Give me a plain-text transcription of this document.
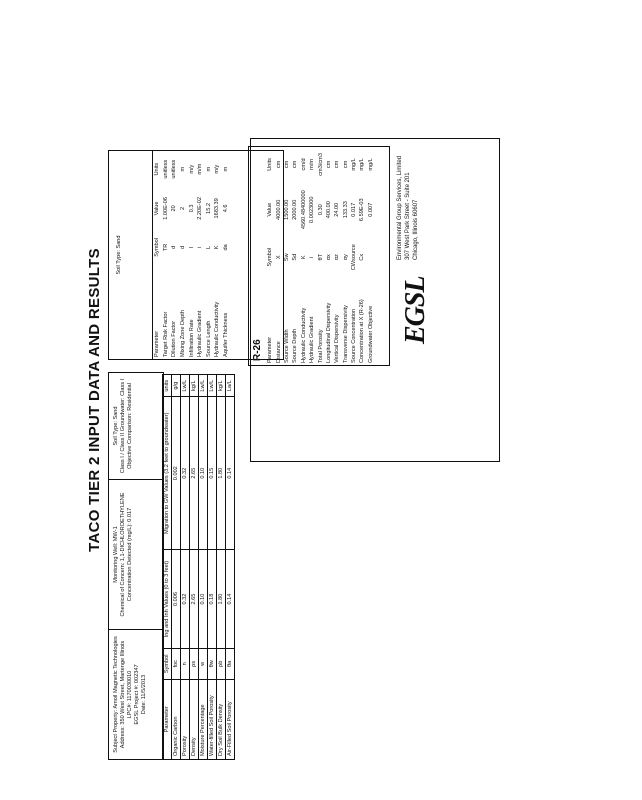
TACO TIER 2 INPUT DATA AND RESULTS
Subject Property: Amoil Magnetic Technologies Address: 350 West Street, Martenge Illinois LPC#: 1170030010 EGSL Project #: 002347 Date: 11/5/2013
Monitoring Well: MW-1 Chemical of Concern: 1,1-DICHLOROETHYLENE Concentration Detected (mg/L): 0.017
Soil Type: Sand Class I / Class II Groundwater: Class I Objective Comparison: Residential
Parameter	Symbol	Ing and Inh Values (0 to 3 feet)	Migration to GW Values (3.2 feet to groundwater)	units
Organic Carbon	foc	0.006	0.002	g/g
Porosity	n	0.32	0.32	Lw/L
Density	ρs	2.65	2.65	kg/L
Moisture Percentage	w	0.10	0.10	Lw/L
Water-filled Soil Porosity	θw	0.18	0.15	Lw/L
Dry Soil Bulk Density	ρb	1.80	1.80	kg/L
Air-Filled Soil Porosity	θa	0.14	0.14	La/L
Soil Type: Sand
Parameter	Symbol	Value	Units
Target Risk Factor	TR	1.00E-06	unitless
Dilution Factor	d	20	unitless
Mixing Zone Depth	d	2	m
Infiltration Rate	I	0.3	m/y
Hydraulic Gradient	i	2.20E-02	m/m
Source Length	L	15.2	m
Hydraulic Conductivity	K	1683.39	m/y
Aquifer Thickness	da	4.6	m
R-26 Parameter	Symbol	Value	Units
Distance	X	4000.00	cm
Source Width	Sw	1500.00	cm
Source Depth	Sd	2000.00	cm
Hydraulic Conductivity	K	4560.48400000	cm/d
Hydraulic Gradient	i	0.0023000	m/m
Total Porosity	θT	0.30	cm3/cm3
Longitudinal Dispersivity	αx	400.00	cm
Vertical Dispersivity	αz	24.00	cm
Transverse Dispersivity	αy	133.33	cm
Source Concentration	CWsource	0.017	mg/L
Concentration at X (R-26)	Cx	6.59E-03	mg/L
Groundwater Objective		0.007	mg/L
EGSL
Environmental Group Services, Limited 307 West Park Street - Suite 201 Chicago, Illinois 60607
